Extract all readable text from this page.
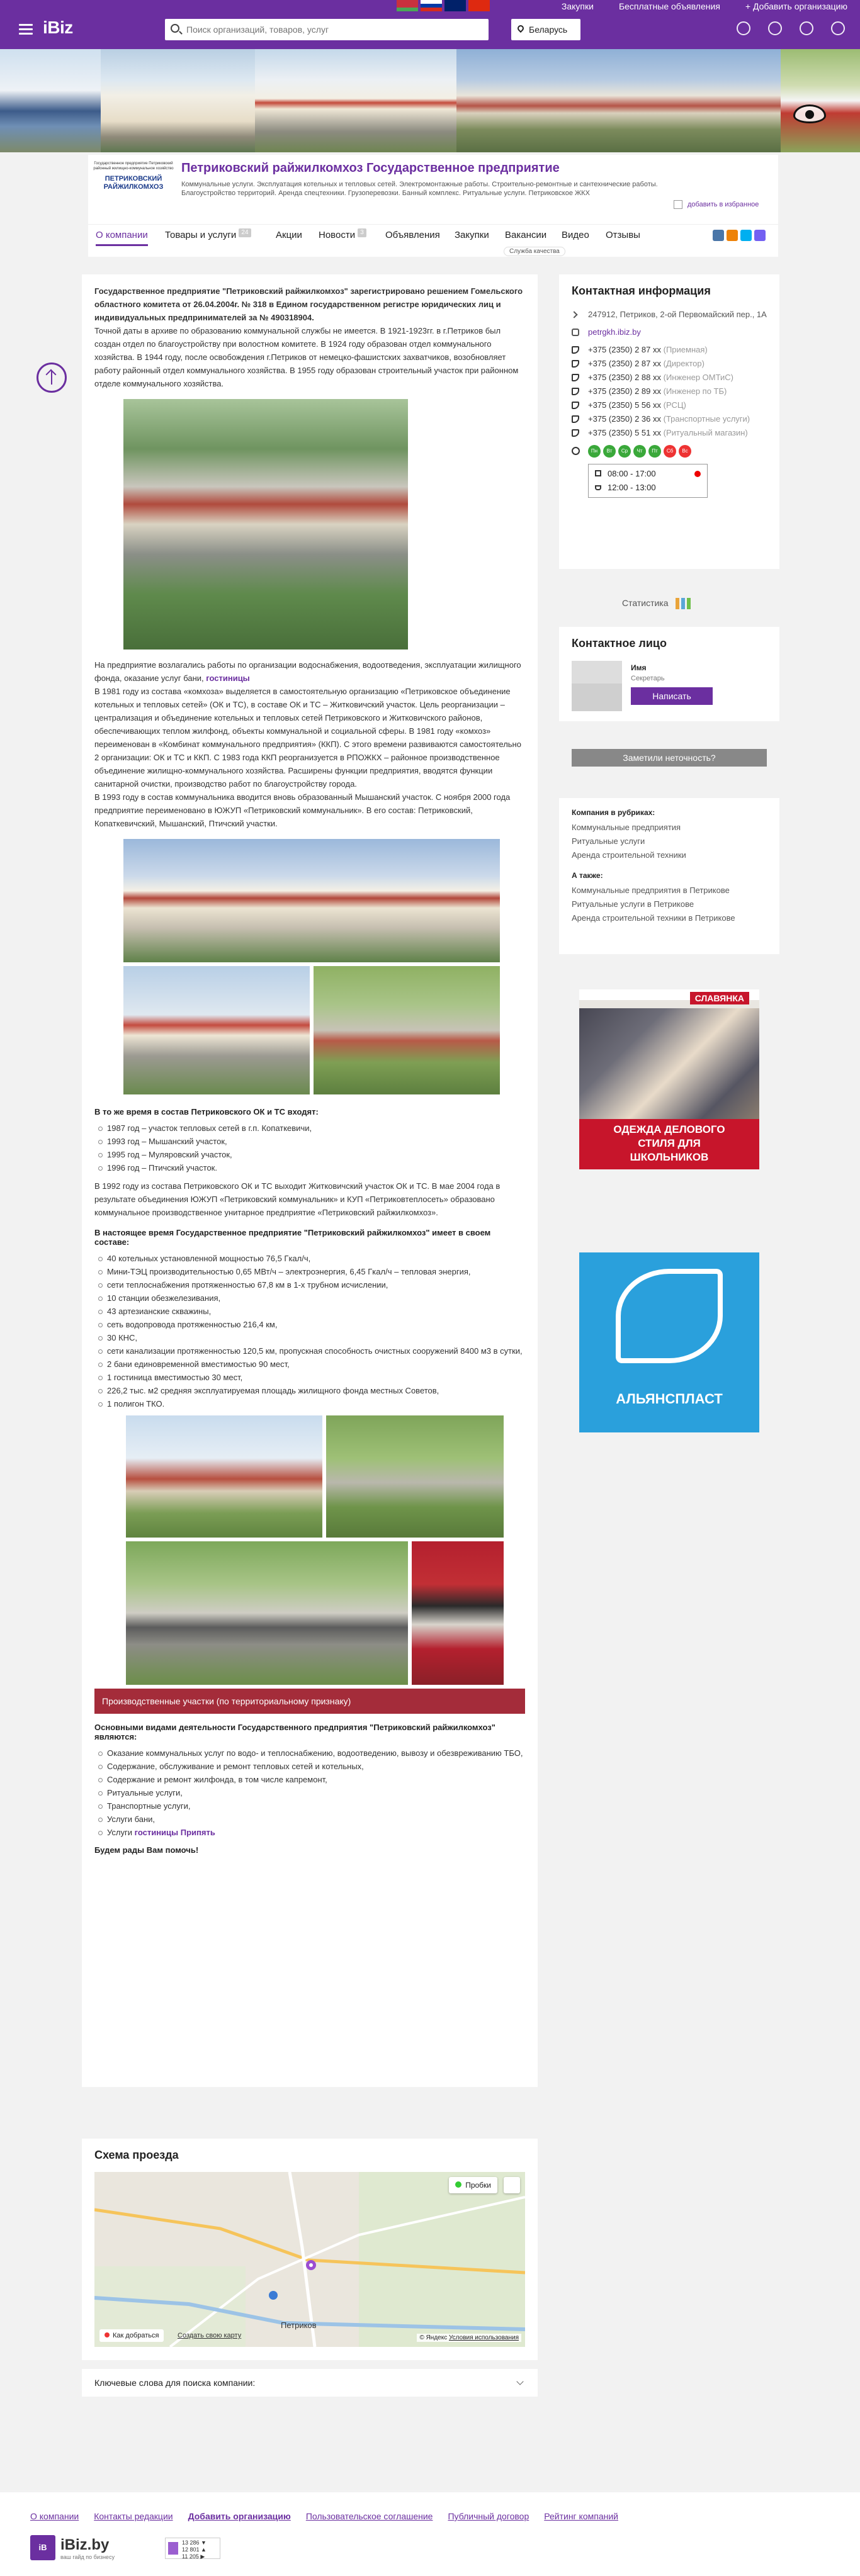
iBiz
Закупки	Бесплатные объявления	+ Добавить организацию
Поиск организаций, товаров, услуг
Беларусь
Государственное предприятие Петриковский районный жилищно-коммунальное хозяйство
ПЕТРИКОВСКИЙ РАЙЖИЛКОМХОЗ
Петриковский райжилкомхоз Государственное предприятие
Коммунальные услуги. Эксплуатация котельных и тепловых сетей. Электромонтажные работы. Строительно-ремонтные и сантехнические работы. Благоустройство территорий. Аренда спецтехники. Грузоперевозки. Банный комплекс. Ритуальные услуги. Петриковское ЖКХ
добавить в избранное
О компании Товары и услуги 24	Акции Новости 3 Объявления Закупки Вакансии Видео Отзывы
Служба качества

Государственное предприятие "Петриковский райжилкомхоз" зарегистрировано решением Гомельского областного комитета от 26.04.2004г. № 318 в Едином государственном регистре юридических лиц и индивидуальных предпринимателей за № 490318904.

Точной даты в архиве по образованию коммунальной службы не имеется. В 1921-1923гг. в г.Петриков был создан отдел по благоустройству при волостном комитете. В 1924 году образован отдел коммунального хозяйства. В 1944 году, после освобождения г.Петриков от немецко-фашистских захватчиков, возобновляет работу районный отдел коммунального хозяйства. В 1955 году образован строительный участок при районном отделе коммунального хозяйства.

На предприятие возлагались работы по организации водоснабжения, водоотведения, эксплуатации жилищного фонда, оказание услуг бани, гостиницы

В 1981 году из состава «комхоза» выделяется в самостоятельную организацию «Петриковское объединение котельных и тепловых сетей» (ОК и ТС), в составе ОК и ТС – Житковичский участок. Цель реорганизации – централизация и объединение котельных и тепловых сетей Петриковского и Житковичского районов, обеспечивающих теплом жилфонд, объекты коммунальной и социальной сферы. В 1981 году «комхоз» переименован в «Комбинат коммунального предприятия» (ККП). С этого времени развиваются самостоятельно 2 организации: ОК и ТС и ККП. С 1983 года ККП реорганизуется в РПОЖКХ – районное производственное объединение жилищно-коммунального хозяйства. Расширены функции предприятия, вводятся функции санитарной очистки, производство работ по благоустройству города.

В 1993 году в состав коммунальника вводится вновь образованный Мышанский участок. С ноября 2000 года предприятие переименовано в ЮЖУП «Петриковский коммунальник». В его состав: Петриковский, Копаткевичский, Мышанский, Птичский участки.

В то же время в состав Петриковского ОК и ТС входят:
1987 год – участок тепловых сетей в г.п. Копаткевичи,
1993 год – Мышанский участок,
1995 год – Муляровский участок,
1996 год – Птичский участок.

В 1992 году из состава Петриковского ОК и ТС выходит Житковичский участок ОК и ТС. В мае 2004 года в результате объединения ЮЖУП «Петриковский коммунальник» и КУП «Петриковтеплосеть» образовано коммунальное производственное унитарное предприятие «Петриковский райжилкомхоз».

В настоящее время Государственное предприятие "Петриковский райжилкомхоз" имеет в своем составе:
40 котельных установленной мощностью 76,5 Гкал/ч,
Мини-ТЭЦ производительностью 0,65 МВт/ч – электроэнергия, 6,45 Гкал/ч – тепловая энергия,
сети теплоснабжения протяженностью 67,8 км в 1-х трубном исчислении,
10 станции обезжелезивания,
43 артезианские скважины,
сеть водопровода протяженностью 216,4 км,
30 КНС,
сети канализации протяженностью 120,5 км, пропускная способность очистных сооружений 8400 м3 в сутки,
2 бани единовременной вместимостью 90 мест,
1 гостиница вместимостью 30 мест,
226,2 тыс. м2 средняя эксплуатируемая площадь жилищного фонда местных Советов,
1 полигон ТКО.
Производственные участки (по территориальному признаку)
Основными видами деятельности Государственного предприятия "Петриковский райжилкомхоз" являются:
Оказание коммунальных услуг по водо- и теплоснабжению, водоотведению, вывозу и обезвреживанию ТБО,
Содержание, обслуживание и ремонт тепловых сетей и котельных,
Содержание и ремонт жилфонда, в том числе капремонт,
Ритуальные услуги,
Транспортные услуги,
Услуги бани,
Услуги гостиницы Припять
Будем рады Вам помочь!
Схема проезда
Пробки
Петриков
Как добраться	Создать свою карту	© Яндекс Условия использования
Ключевые слова для поиска компании:
Контактная информация
247912, Петриков, 2-ой Первомайский пер., 1А
petrgkh.ibiz.by
+375 (2350) 2 87 xx (Приемная)
+375 (2350) 2 87 xx (Директор)
+375 (2350) 2 88 xx (Инженер ОМТиС)
+375 (2350) 2 89 xx (Инженер по ТБ)
+375 (2350) 5 56 xx (РСЦ)
+375 (2350) 2 36 xx (Транспортные услуги)
+375 (2350) 5 51 xx (Ритуальный магазин)
Пн	Вт	Ср	Чт	Пт	Сб	Вс
08:00 - 17:00
12:00 - 13:00
Статистика
Контактное лицо
Имя
Секретарь
Написать
Заметили неточность?
Компания в рубриках:
Коммунальные предприятия
Ритуальные услуги
Аренда строительной техники
А также:
Коммунальные предприятия в Петрикове
Ритуальные услуги в Петрикове
Аренда строительной техники в Петрикове
СЛАВЯНКА
ОДЕЖДА ДЕЛОВОГО СТИЛЯ ДЛЯ ШКОЛЬНИКОВ
АЛЬЯНСПЛАСТ
О компании Контакты редакции Добавить организацию Пользовательское соглашение Публичный договор Рейтинг компаний
iB iBiz.by
ваш гайд по бизнесу
13 286 ▼
12 801 ▲
11 205 ▶
